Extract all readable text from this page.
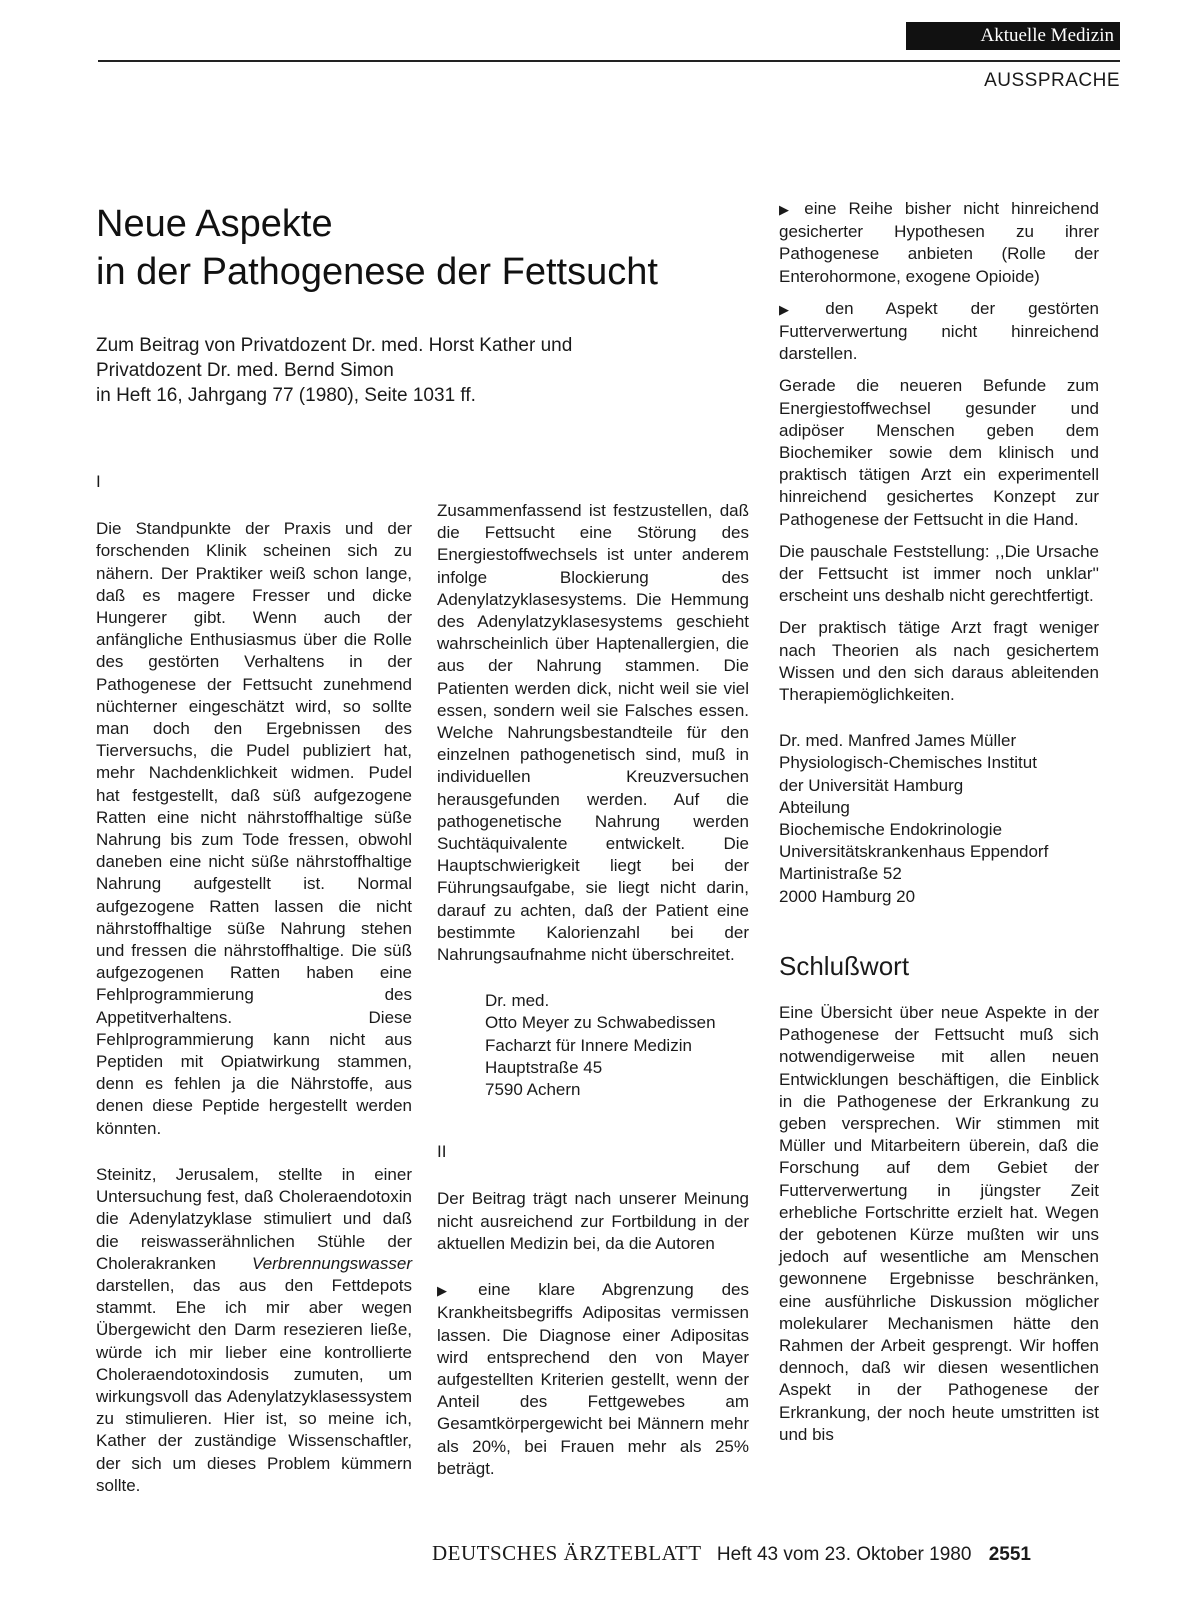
Aktuelle Medizin
AUSSPRACHE
Neue Aspekte
in der Pathogenese der Fettsucht
Zum Beitrag von Privatdozent Dr. med. Horst Kather und
Privatdozent Dr. med. Bernd Simon
in Heft 16, Jahrgang 77 (1980), Seite 1031 ff.
I

Die Standpunkte der Praxis und der forschenden Klinik scheinen sich zu nähern. Der Praktiker weiß schon lange, daß es magere Fresser und dicke Hungerer gibt. Wenn auch der anfängliche Enthusiasmus über die Rolle des gestörten Verhaltens in der Pathogenese der Fettsucht zunehmend nüchterner eingeschätzt wird, so sollte man doch den Ergebnissen des Tierversuchs, die Pudel publiziert hat, mehr Nachdenklichkeit widmen. Pudel hat festgestellt, daß süß aufgezogene Ratten eine nicht nährstoffhaltige süße Nahrung bis zum Tode fressen, obwohl daneben eine nicht süße nährstoffhaltige Nahrung aufgestellt ist. Normal aufgezogene Ratten lassen die nicht nährstoffhaltige süße Nahrung stehen und fressen die nährstoffhaltige. Die süß aufgezogenen Ratten haben eine Fehlprogrammierung des Appetitverhaltens. Diese Fehlprogrammierung kann nicht aus Peptiden mit Opiatwirkung stammen, denn es fehlen ja die Nährstoffe, aus denen diese Peptide hergestellt werden könnten.

Steinitz, Jerusalem, stellte in einer Untersuchung fest, daß Choleraendotoxin die Adenylatzyklase stimuliert und daß die reiswasserähnlichen Stühle der Cholerakranken Verbrennungswasser darstellen, das aus den Fettdepots stammt. Ehe ich mir aber wegen Übergewicht den Darm resezieren ließe, würde ich mir lieber eine kontrollierte Choleraendotoxindosis zumuten, um wirkungsvoll das Adenylatzyklasessystem zu stimulieren. Hier ist, so meine ich, Kather der zuständige Wissenschaftler, der sich um dieses Problem kümmern sollte.

Zusammenfassend ist festzustellen, daß die Fettsucht eine Störung des Energiestoffwechsels ist unter anderem infolge Blockierung des Adenylatzyklasesystems. Die Hemmung des Adenylatzyklasesystems geschieht wahrscheinlich über Haptenallergien, die aus der Nahrung stammen. Die Patienten werden dick, nicht weil sie viel essen, sondern weil sie Falsches essen. Welche Nahrungsbestandteile für den einzelnen pathogenetisch sind, muß in individuellen Kreuzversuchen herausgefunden werden. Auf die pathogenetische Nahrung werden Suchtäquivalente entwickelt. Die Hauptschwierigkeit liegt bei der Führungsaufgabe, sie liegt nicht darin, darauf zu achten, daß der Patient eine bestimmte Kalorienzahl bei der Nahrungsaufnahme nicht überschreitet.

Dr. med.
Otto Meyer zu Schwabedissen
Facharzt für Innere Medizin
Hauptstraße 45
7590 Achern
II

Der Beitrag trägt nach unserer Meinung nicht ausreichend zur Fortbildung in der aktuellen Medizin bei, da die Autoren

▶ eine klare Abgrenzung des Krankheitsbegriffs Adipositas vermissen lassen. Die Diagnose einer Adipositas wird entsprechend den von Mayer aufgestellten Kriterien gestellt, wenn der Anteil des Fettgewebes am Gesamtkörpergewicht bei Männern mehr als 20%, bei Frauen mehr als 25% beträgt.

▶ eine Reihe bisher nicht hinreichend gesicherter Hypothesen zu ihrer Pathogenese anbieten (Rolle der Enterohormone, exogene Opioide)

▶ den Aspekt der gestörten Futterverwertung nicht hinreichend darstellen.

Gerade die neueren Befunde zum Energiestoffwechsel gesunder und adipöser Menschen geben dem Biochemiker sowie dem klinisch und praktisch tätigen Arzt ein experimentell hinreichend gesichertes Konzept zur Pathogenese der Fettsucht in die Hand.

Die pauschale Feststellung: ,,Die Ursache der Fettsucht ist immer noch unklar'' erscheint uns deshalb nicht gerechtfertigt.

Der praktisch tätige Arzt fragt weniger nach Theorien als nach gesichertem Wissen und den sich daraus ableitenden Therapiemöglichkeiten.

Dr. med. Manfred James Müller
Physiologisch-Chemisches Institut
der Universität Hamburg
Abteilung
Biochemische Endokrinologie
Universitätskrankenhaus Eppendorf
Martinistraße 52
2000 Hamburg 20
Schlußwort

Eine Übersicht über neue Aspekte in der Pathogenese der Fettsucht muß sich notwendigerweise mit allen neuen Entwicklungen beschäftigen, die Einblick in die Pathogenese der Erkrankung zu geben versprechen. Wir stimmen mit Müller und Mitarbeitern überein, daß die Forschung auf dem Gebiet der Futterverwertung in jüngster Zeit erhebliche Fortschritte erzielt hat. Wegen der gebotenen Kürze mußten wir uns jedoch auf wesentliche am Menschen gewonnene Ergebnisse beschränken, eine ausführliche Diskussion möglicher molekularer Mechanismen hätte den Rahmen der Arbeit gesprengt. Wir hoffen dennoch, daß wir diesen wesentlichen Aspekt in der Pathogenese der Erkrankung, der noch heute umstritten ist und bis

DEUTSCHES ÄRZTEBLATT Heft 43 vom 23. Oktober 1980 2551
